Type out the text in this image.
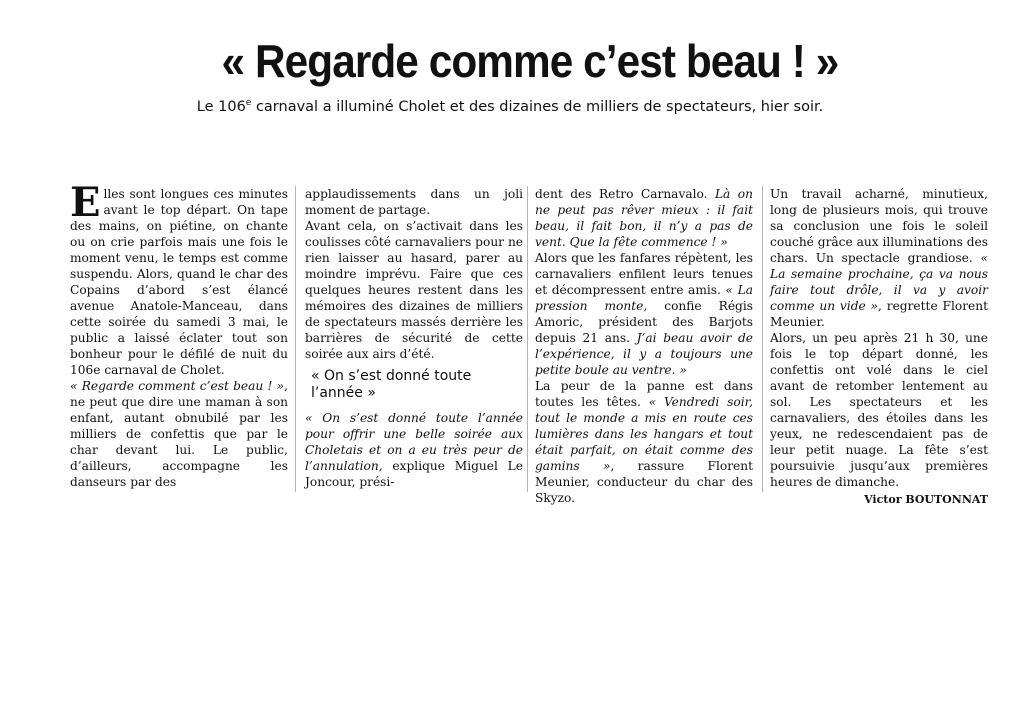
« Regarde comme c’est beau ! »

Le 106e carnaval a illuminé Cholet et des dizaines de milliers de spectateurs, hier soir.

Elles sont longues ces minutes avant le top départ. On tape des mains, on piétine, on chante ou on crie parfois mais une fois le moment venu, le temps est comme suspendu. Alors, quand le char des Copains d’abord s’est élancé avenue Anatole-Manceau, dans cette soirée du samedi 3 mai, le public a laissé éclater tout son bonheur pour le défilé de nuit du 106e carnaval de Cholet.

« Regarde comment c’est beau ! », ne peut que dire une maman à son enfant, autant obnubilé par les milliers de confettis que par le char devant lui. Le public, d’ailleurs, accompagne les danseurs par des

applaudissements dans un joli moment de partage.

Avant cela, on s’activait dans les coulisses côté carnavaliers pour ne rien laisser au hasard, parer au moindre imprévu. Faire que ces quelques heures restent dans les mémoires des dizaines de milliers de spectateurs massés derrière les barrières de sécurité de cette soirée aux airs d’été.

« On s’est donné toute l’année »

« On s’est donné toute l’année pour offrir une belle soirée aux Choletais et on a eu très peur de l’annulation, explique Miguel Le Joncour, prési-

dent des Retro Carnavalo. Là on ne peut pas rêver mieux : il fait beau, il fait bon, il n’y a pas de vent. Que la fête commence ! »

Alors que les fanfares répètent, les carnavaliers enfilent leurs tenues et décompressent entre amis. « La pression monte, confie Régis Amoric, président des Barjots depuis 21 ans. J’ai beau avoir de l’expérience, il y a toujours une petite boule au ventre. »

La peur de la panne est dans toutes les têtes. « Vendredi soir, tout le monde a mis en route ces lumières dans les hangars et tout était parfait, on était comme des gamins », rassure Florent Meunier, conducteur du char des Skyzo.

Un travail acharné, minutieux, long de plusieurs mois, qui trouve sa conclusion une fois le soleil couché grâce aux illuminations des chars. Un spectacle grandiose. « La semaine prochaine, ça va nous faire tout drôle, il va y avoir comme un vide », regrette Florent Meunier.

Alors, un peu après 21 h 30, une fois le top départ donné, les confettis ont volé dans le ciel avant de retomber lentement au sol. Les spectateurs et les carnavaliers, des étoiles dans les yeux, ne redescendaient pas de leur petit nuage. La fête s’est poursuivie jusqu’aux premières heures de dimanche.

Victor BOUTONNAT
